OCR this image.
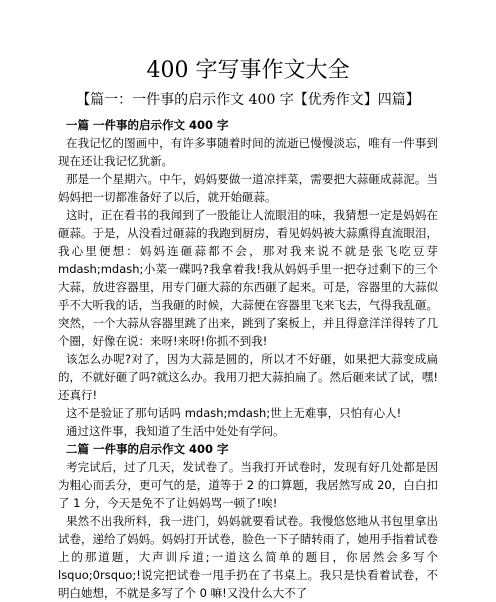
400 字写事作文大全
【篇一：一件事的启示作文 400 字【优秀作文】四篇】

一篇 一件事的启示作文 400 字

在我记忆的图画中，有许多事随着时间的流逝已慢慢淡忘，唯有一件事到现在还让我记忆犹新。

那是一个星期六。中午，妈妈要做一道凉拌菜，需要把大蒜砸成蒜泥。当妈妈把一切都准备好了以后，就开始砸蒜。

这时，正在看书的我闻到了一股能让人流眼泪的味，我猜想一定是妈妈在砸蒜。于是，从没看过砸蒜的我跑到厨房，看见妈妈被大蒜熏得直流眼泪，我心里便想：妈妈连砸蒜都不会，那对我来说不就是张飞吃豆芽 mdash;mdash;小菜一碟吗?我拿着我!我从妈妈手里一把夺过剩下的三个大蒜，放进容器里，用专门砸大蒜的东西砸了起来。可是，容器里的大蒜似乎不大听我的话，当我砸的时候，大蒜便在容器里飞来飞去，气得我乱砸。突然，一个大蒜从容器里跳了出来，跳到了案板上，并且得意洋洋得转了几个圈，好像在说：来呀!来呀!你抓不到我!

该怎么办呢?对了，因为大蒜是圆的，所以才不好砸，如果把大蒜变成扁的，不就好砸了吗?就这么办。我用刀把大蒜拍扁了。然后砸来试了试，嘿!还真行!

这不是验证了那句话吗 mdash;mdash;世上无难事，只怕有心人!

通过这件事，我知道了生活中处处有学问。

二篇 一件事的启示作文 400 字

考完试后，过了几天，发试卷了。当我打开试卷时，发现有好几处都是因为粗心而丢分，更可气的是，道等于 2 的口算题，我居然写成 20，白白扣了 1 分，今天是免不了让妈妈骂一顿了!唉!

果然不出我所料，我一进门，妈妈就要看试卷。我慢悠悠地从书包里拿出试卷，递给了妈妈。妈妈打开试卷，脸色一下子睛转雨了，她用手指着试卷上的那道题，大声训斥道;一道这么简单的题目，你居然会多写个 lsquo;0rsquo;!说完把试卷一甩手扔在了书桌上。我只是快看着试卷，不明白她想，不就是多写了个 0 嘛!又没什么大不了
